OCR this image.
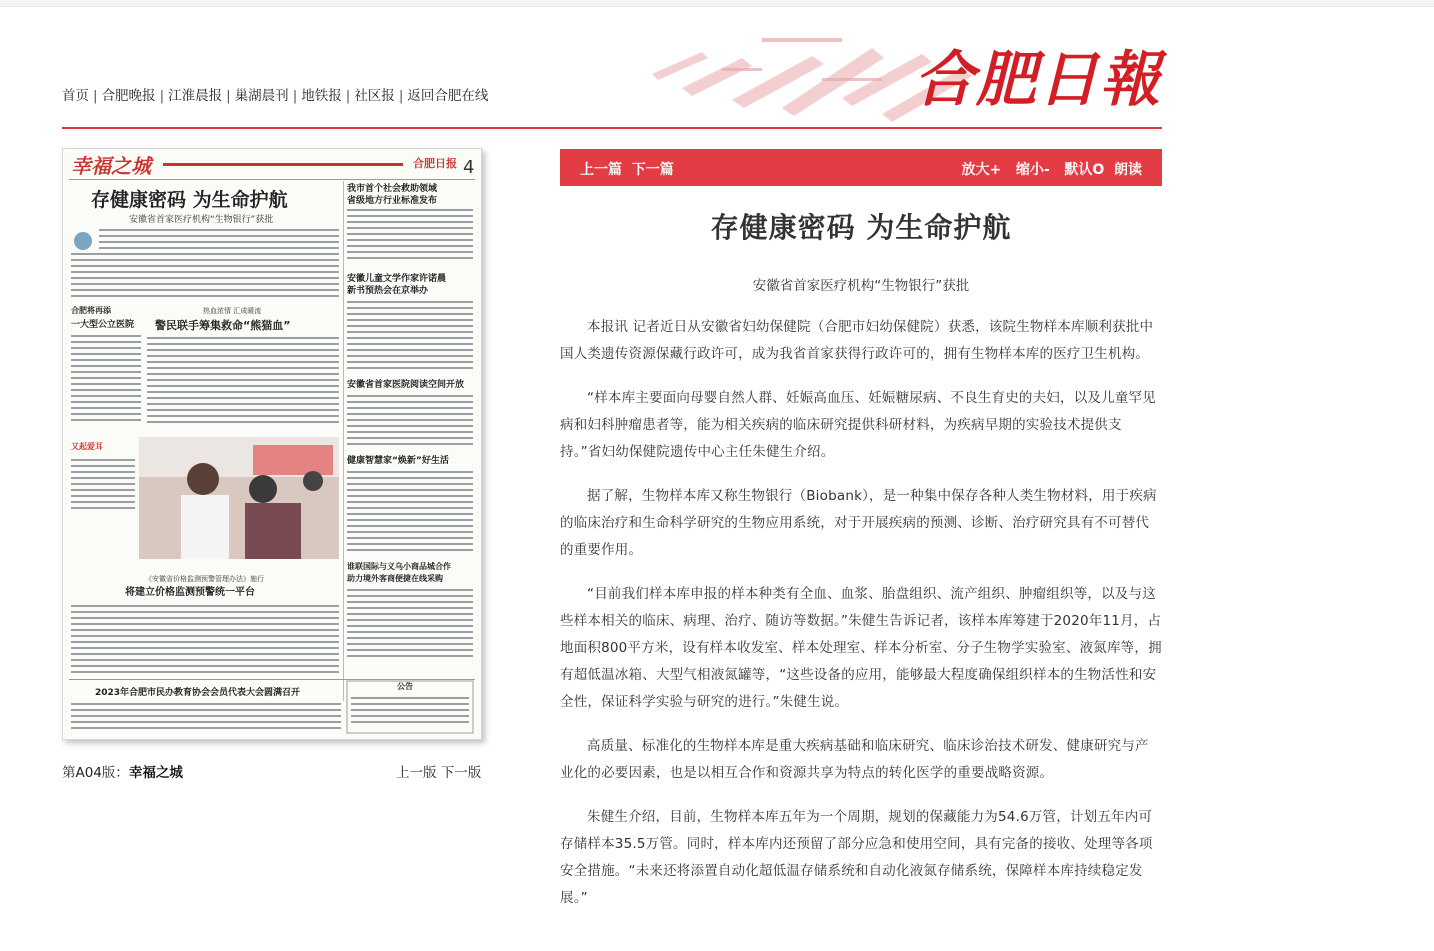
首页 | 合肥晚报 | 江淮晨报 | 巢湖晨刊 | 地铁报 | 社区报 | 返回合肥在线	合肥日報
幸福之城	合肥日报 4
存健康密码 为生命护航
安徽省首家医疗机构“生物银行”获批
我市首个社会救助领域
省级地方行业标准发布
安徽儿童文学作家许诺晨
新书预热会在京举办
安徽省首家医院阅读空间开放
健康智慧家“焕新”好生活
谁联国际与义乌小商品城合作
助力境外客商便捷在线采购
合肥将再添
一大型公立医院
热血浓情 汇成暖流
警民联手筹集救命“熊猫血”
又起爱耳
《安徽省价格监测预警管理办法》施行
将建立价格监测预警统一平台
2023年合肥市民办教育协会会员代表大会圆满召开
公告
第A04版：幸福之城	上一版 下一版
上一篇 下一篇	放大+ 缩小- 默认O 朗读
存健康密码 为生命护航
安徽省首家医疗机构“生物银行”获批

本报讯 记者近日从安徽省妇幼保健院（合肥市妇幼保健院）获悉，该院生物样本库顺利获批中国人类遗传资源保藏行政许可，成为我省首家获得行政许可的，拥有生物样本库的医疗卫生机构。

“样本库主要面向母婴自然人群、妊娠高血压、妊娠糖尿病、不良生育史的夫妇，以及儿童罕见病和妇科肿瘤患者等，能为相关疾病的临床研究提供科研材料，为疾病早期的实验技术提供支持。”省妇幼保健院遗传中心主任朱健生介绍。

据了解，生物样本库又称生物银行（Biobank），是一种集中保存各种人类生物材料，用于疾病的临床治疗和生命科学研究的生物应用系统，对于开展疾病的预测、诊断、治疗研究具有不可替代的重要作用。

“目前我们样本库申报的样本种类有全血、血浆、胎盘组织、流产组织、肿瘤组织等，以及与这些样本相关的临床、病理、治疗、随访等数据。”朱健生告诉记者，该样本库筹建于2020年11月，占地面积800平方米，设有样本收发室、样本处理室、样本分析室、分子生物学实验室、液氮库等，拥有超低温冰箱、大型气相液氮罐等，“这些设备的应用，能够最大程度确保组织样本的生物活性和安全性，保证科学实验与研究的进行。”朱健生说。

高质量、标准化的生物样本库是重大疾病基础和临床研究、临床诊治技术研发、健康研究与产业化的必要因素，也是以相互合作和资源共享为特点的转化医学的重要战略资源。

朱健生介绍，目前，生物样本库五年为一个周期，规划的保藏能力为54.6万管，计划五年内可存储样本35.5万管。同时，样本库内还预留了部分应急和使用空间，具有完备的接收、处理等各项安全措施。“未来还将添置自动化超低温存储系统和自动化液氮存储系统，保障样本库持续稳定发展。”
